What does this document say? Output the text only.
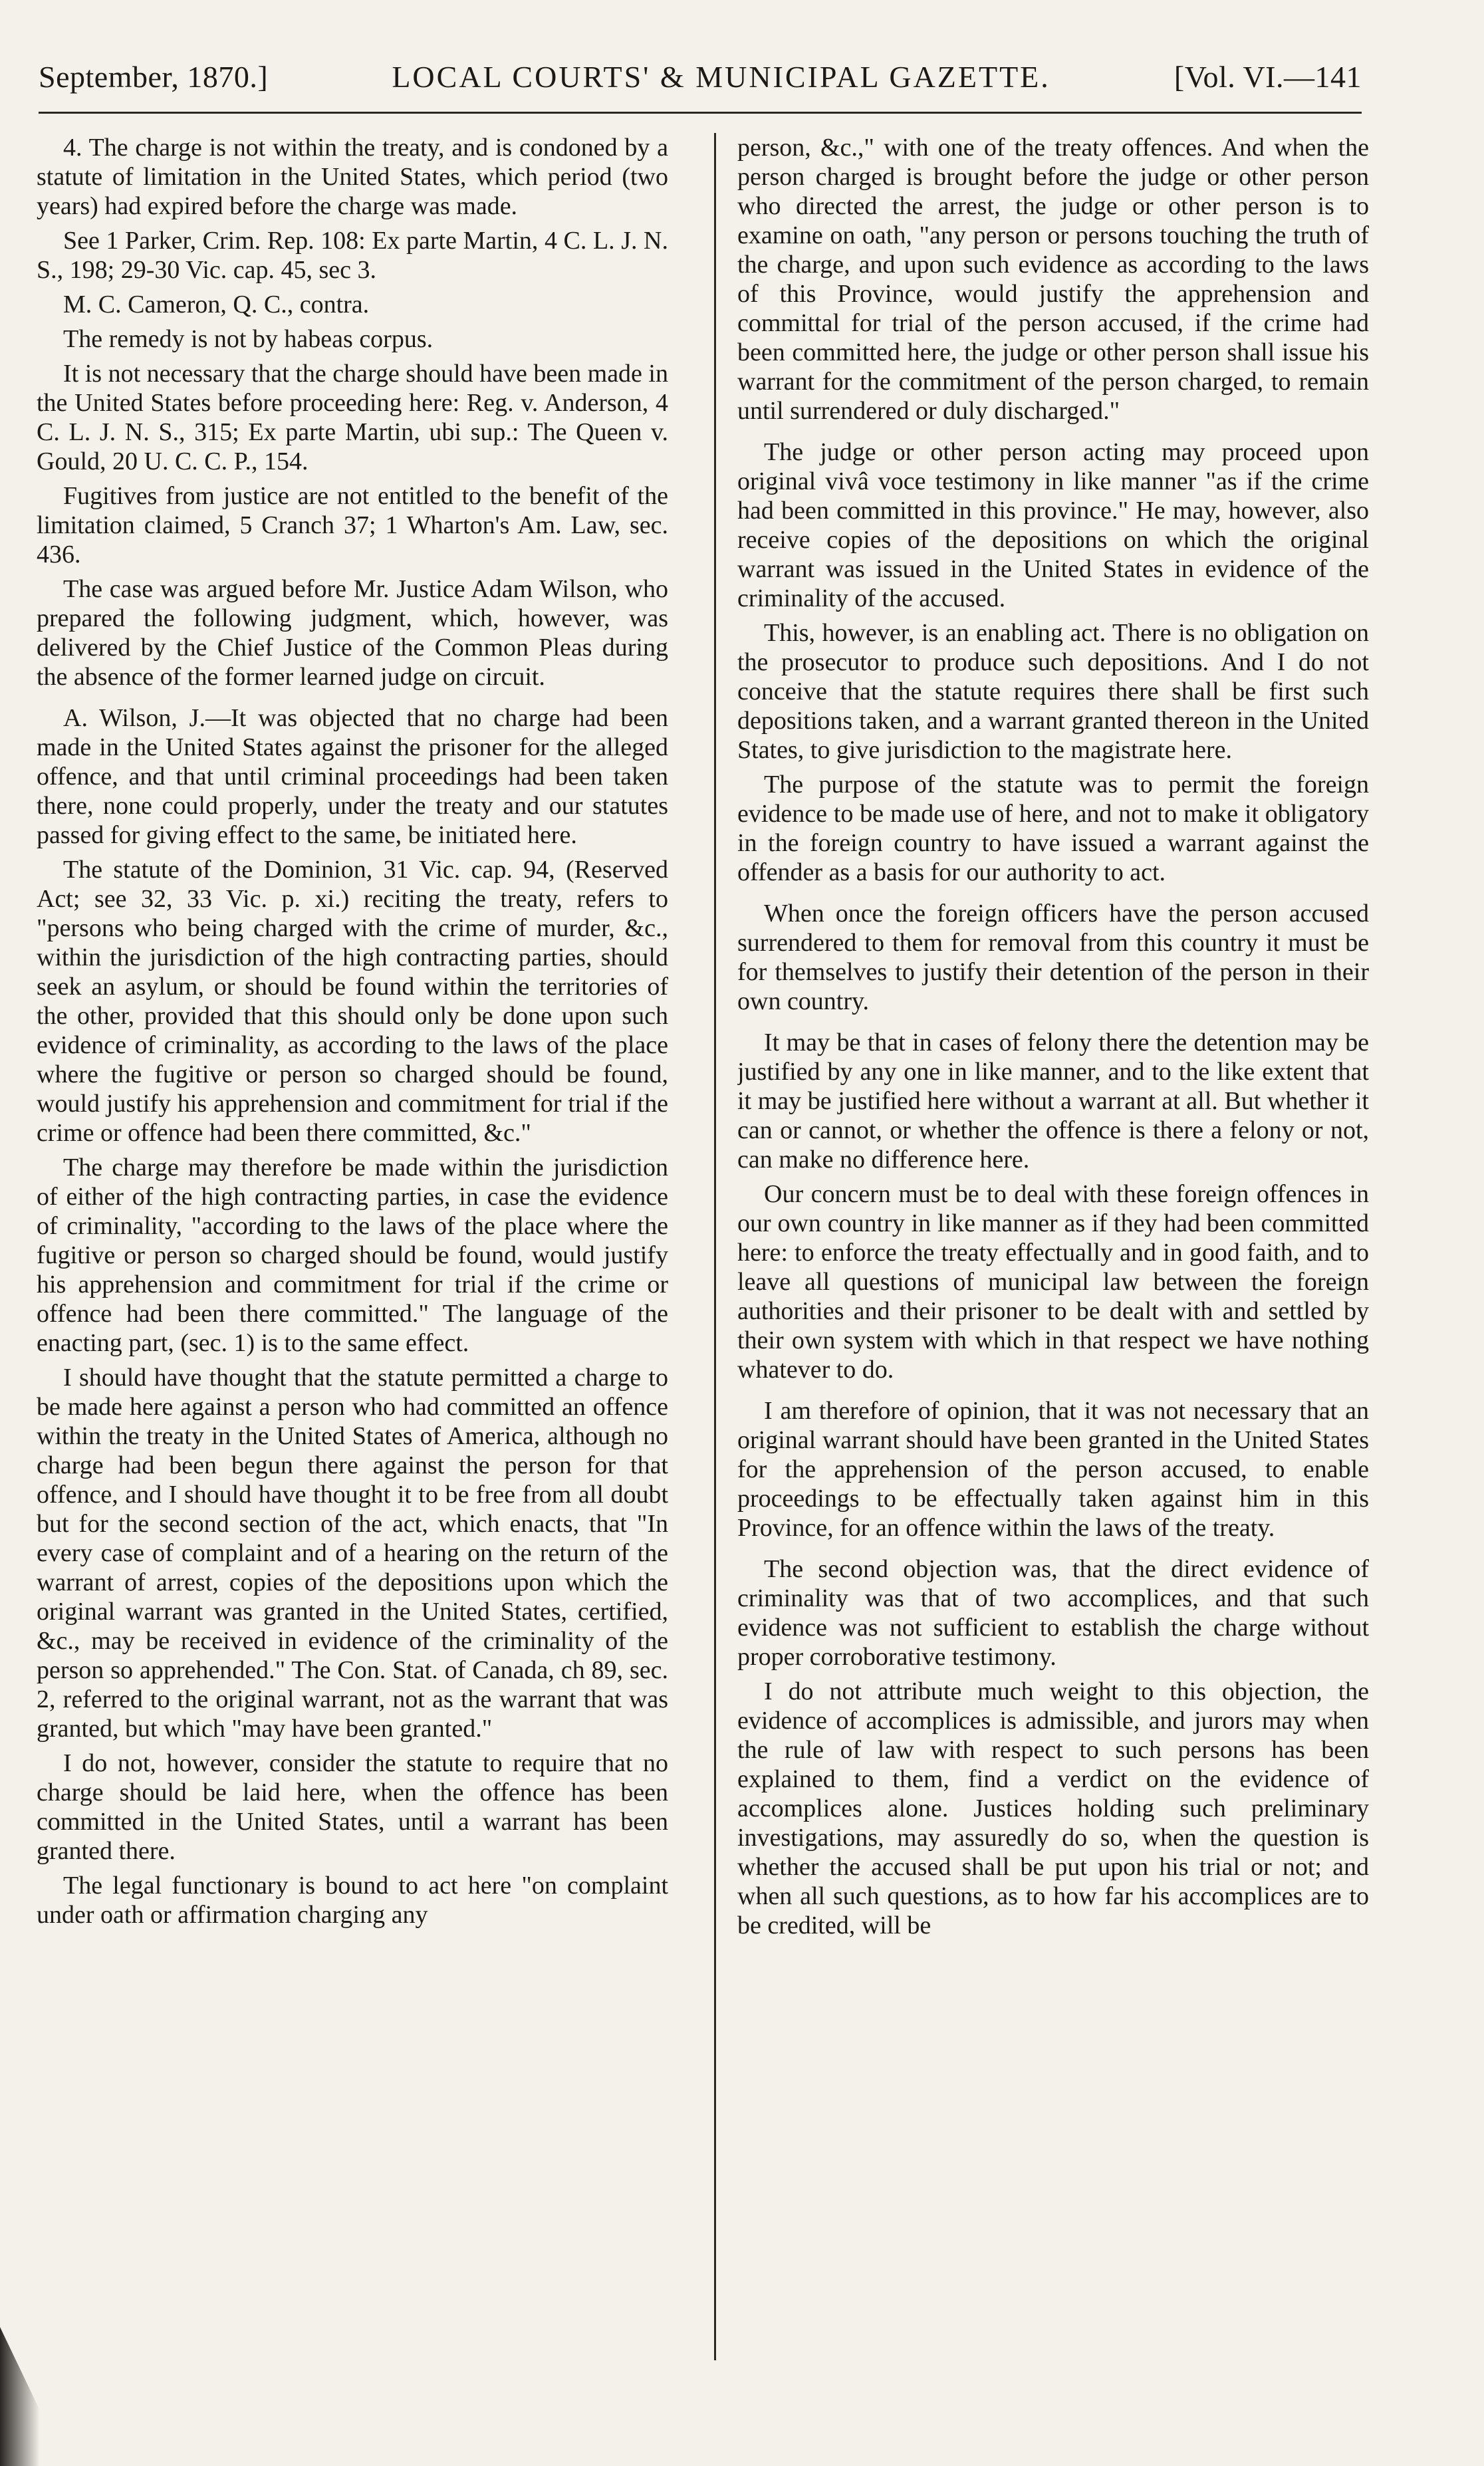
September, 1870.]	LOCAL COURTS' & MUNICIPAL GAZETTE.	[Vol. VI.—141

4. The charge is not within the treaty, and is condoned by a statute of limitation in the United States, which period (two years) had expired before the charge was made.

See 1 Parker, Crim. Rep. 108: Ex parte Martin, 4 C. L. J. N. S., 198; 29-30 Vic. cap. 45, sec 3.

M. C. Cameron, Q. C., contra.

The remedy is not by habeas corpus.

It is not necessary that the charge should have been made in the United States before proceeding here: Reg. v. Anderson, 4 C. L. J. N. S., 315; Ex parte Martin, ubi sup.: The Queen v. Gould, 20 U. C. C. P., 154.

Fugitives from justice are not entitled to the benefit of the limitation claimed, 5 Cranch 37; 1 Wharton's Am. Law, sec. 436.

The case was argued before Mr. Justice Adam Wilson, who prepared the following judgment, which, however, was delivered by the Chief Justice of the Common Pleas during the absence of the former learned judge on circuit.

A. Wilson, J.—It was objected that no charge had been made in the United States against the prisoner for the alleged offence, and that until criminal proceedings had been taken there, none could properly, under the treaty and our statutes passed for giving effect to the same, be initiated here.

The statute of the Dominion, 31 Vic. cap. 94, (Reserved Act; see 32, 33 Vic. p. xi.) reciting the treaty, refers to "persons who being charged with the crime of murder, &c., within the jurisdiction of the high contracting parties, should seek an asylum, or should be found within the territories of the other, provided that this should only be done upon such evidence of criminality, as according to the laws of the place where the fugitive or person so charged should be found, would justify his apprehension and commitment for trial if the crime or offence had been there committed, &c."

The charge may therefore be made within the jurisdiction of either of the high contracting parties, in case the evidence of criminality, "according to the laws of the place where the fugitive or person so charged should be found, would justify his apprehension and commitment for trial if the crime or offence had been there committed." The language of the enacting part, (sec. 1) is to the same effect.

I should have thought that the statute permitted a charge to be made here against a person who had committed an offence within the treaty in the United States of America, although no charge had been begun there against the person for that offence, and I should have thought it to be free from all doubt but for the second section of the act, which enacts, that "In every case of complaint and of a hearing on the return of the warrant of arrest, copies of the depositions upon which the original warrant was granted in the United States, certified, &c., may be received in evidence of the criminality of the person so apprehended." The Con. Stat. of Canada, ch 89, sec. 2, referred to the original warrant, not as the warrant that was granted, but which "may have been granted."

I do not, however, consider the statute to require that no charge should be laid here, when the offence has been committed in the United States, until a warrant has been granted there.

The legal functionary is bound to act here "on complaint under oath or affirmation charging any

person, &c.," with one of the treaty offences. And when the person charged is brought before the judge or other person who directed the arrest, the judge or other person is to examine on oath, "any person or persons touching the truth of the charge, and upon such evidence as according to the laws of this Province, would justify the apprehension and committal for trial of the person accused, if the crime had been committed here, the judge or other person shall issue his warrant for the commitment of the person charged, to remain until surrendered or duly discharged."

The judge or other person acting may proceed upon original vivâ voce testimony in like manner "as if the crime had been committed in this province." He may, however, also receive copies of the depositions on which the original warrant was issued in the United States in evidence of the criminality of the accused.

This, however, is an enabling act. There is no obligation on the prosecutor to produce such depositions. And I do not conceive that the statute requires there shall be first such depositions taken, and a warrant granted thereon in the United States, to give jurisdiction to the magistrate here.

The purpose of the statute was to permit the foreign evidence to be made use of here, and not to make it obligatory in the foreign country to have issued a warrant against the offender as a basis for our authority to act.

When once the foreign officers have the person accused surrendered to them for removal from this country it must be for themselves to justify their detention of the person in their own country.

It may be that in cases of felony there the detention may be justified by any one in like manner, and to the like extent that it may be justified here without a warrant at all. But whether it can or cannot, or whether the offence is there a felony or not, can make no difference here.

Our concern must be to deal with these foreign offences in our own country in like manner as if they had been committed here: to enforce the treaty effectually and in good faith, and to leave all questions of municipal law between the foreign authorities and their prisoner to be dealt with and settled by their own system with which in that respect we have nothing whatever to do.

I am therefore of opinion, that it was not necessary that an original warrant should have been granted in the United States for the apprehension of the person accused, to enable proceedings to be effectually taken against him in this Province, for an offence within the laws of the treaty.

The second objection was, that the direct evidence of criminality was that of two accomplices, and that such evidence was not sufficient to establish the charge without proper corroborative testimony.

I do not attribute much weight to this objection, the evidence of accomplices is admissible, and jurors may when the rule of law with respect to such persons has been explained to them, find a verdict on the evidence of accomplices alone. Justices holding such preliminary investigations, may assuredly do so, when the question is whether the accused shall be put upon his trial or not; and when all such questions, as to how far his accomplices are to be credited, will be
